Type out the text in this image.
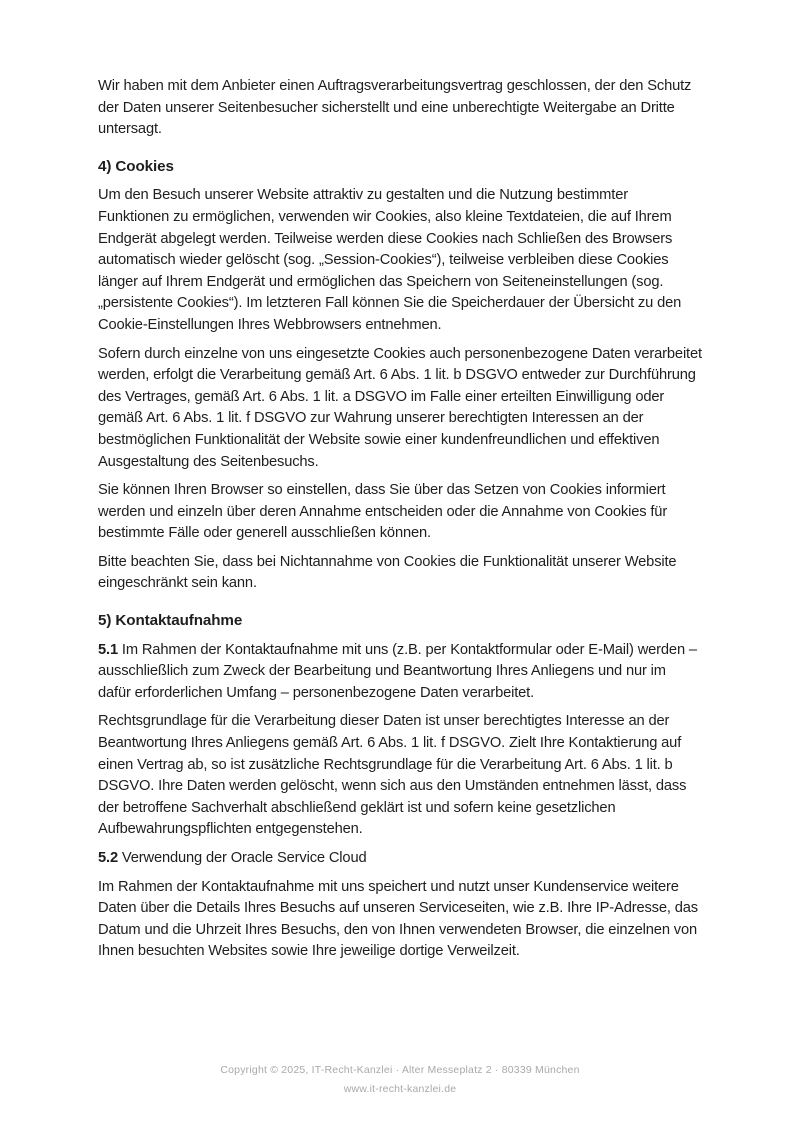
Wir haben mit dem Anbieter einen Auftragsverarbeitungsvertrag geschlossen, der den Schutz der Daten unserer Seitenbesucher sicherstellt und eine unberechtigte Weitergabe an Dritte untersagt.

4) Cookies

Um den Besuch unserer Website attraktiv zu gestalten und die Nutzung bestimmter Funktionen zu ermöglichen, verwenden wir Cookies, also kleine Textdateien, die auf Ihrem Endgerät abgelegt werden. Teilweise werden diese Cookies nach Schließen des Browsers automatisch wieder gelöscht (sog. „Session-Cookies“), teilweise verbleiben diese Cookies länger auf Ihrem Endgerät und ermöglichen das Speichern von Seiteneinstellungen (sog. „persistente Cookies“). Im letzteren Fall können Sie die Speicherdauer der Übersicht zu den Cookie-Einstellungen Ihres Webbrowsers entnehmen.

Sofern durch einzelne von uns eingesetzte Cookies auch personenbezogene Daten verarbeitet werden, erfolgt die Verarbeitung gemäß Art. 6 Abs. 1 lit. b DSGVO entweder zur Durchführung des Vertrages, gemäß Art. 6 Abs. 1 lit. a DSGVO im Falle einer erteilten Einwilligung oder gemäß Art. 6 Abs. 1 lit. f DSGVO zur Wahrung unserer berechtigten Interessen an der bestmöglichen Funktionalität der Website sowie einer kundenfreundlichen und effektiven Ausgestaltung des Seitenbesuchs.

Sie können Ihren Browser so einstellen, dass Sie über das Setzen von Cookies informiert werden und einzeln über deren Annahme entscheiden oder die Annahme von Cookies für bestimmte Fälle oder generell ausschließen können.

Bitte beachten Sie, dass bei Nichtannahme von Cookies die Funktionalität unserer Website eingeschränkt sein kann.

5) Kontaktaufnahme

5.1 Im Rahmen der Kontaktaufnahme mit uns (z.B. per Kontaktformular oder E-Mail) werden – ausschließlich zum Zweck der Bearbeitung und Beantwortung Ihres Anliegens und nur im dafür erforderlichen Umfang – personenbezogene Daten verarbeitet.

Rechtsgrundlage für die Verarbeitung dieser Daten ist unser berechtigtes Interesse an der Beantwortung Ihres Anliegens gemäß Art. 6 Abs. 1 lit. f DSGVO. Zielt Ihre Kontaktierung auf einen Vertrag ab, so ist zusätzliche Rechtsgrundlage für die Verarbeitung Art. 6 Abs. 1 lit. b DSGVO. Ihre Daten werden gelöscht, wenn sich aus den Umständen entnehmen lässt, dass der betroffene Sachverhalt abschließend geklärt ist und sofern keine gesetzlichen Aufbewahrungspflichten entgegenstehen.

5.2 Verwendung der Oracle Service Cloud

Im Rahmen der Kontaktaufnahme mit uns speichert und nutzt unser Kundenservice weitere Daten über die Details Ihres Besuchs auf unseren Serviceseiten, wie z.B. Ihre IP-Adresse, das Datum und die Uhrzeit Ihres Besuchs, den von Ihnen verwendeten Browser, die einzelnen von Ihnen besuchten Websites sowie Ihre jeweilige dortige Verweilzeit.

Copyright © 2025, IT-Recht-Kanzlei · Alter Messeplatz 2 · 80339 München
www.it-recht-kanzlei.de
